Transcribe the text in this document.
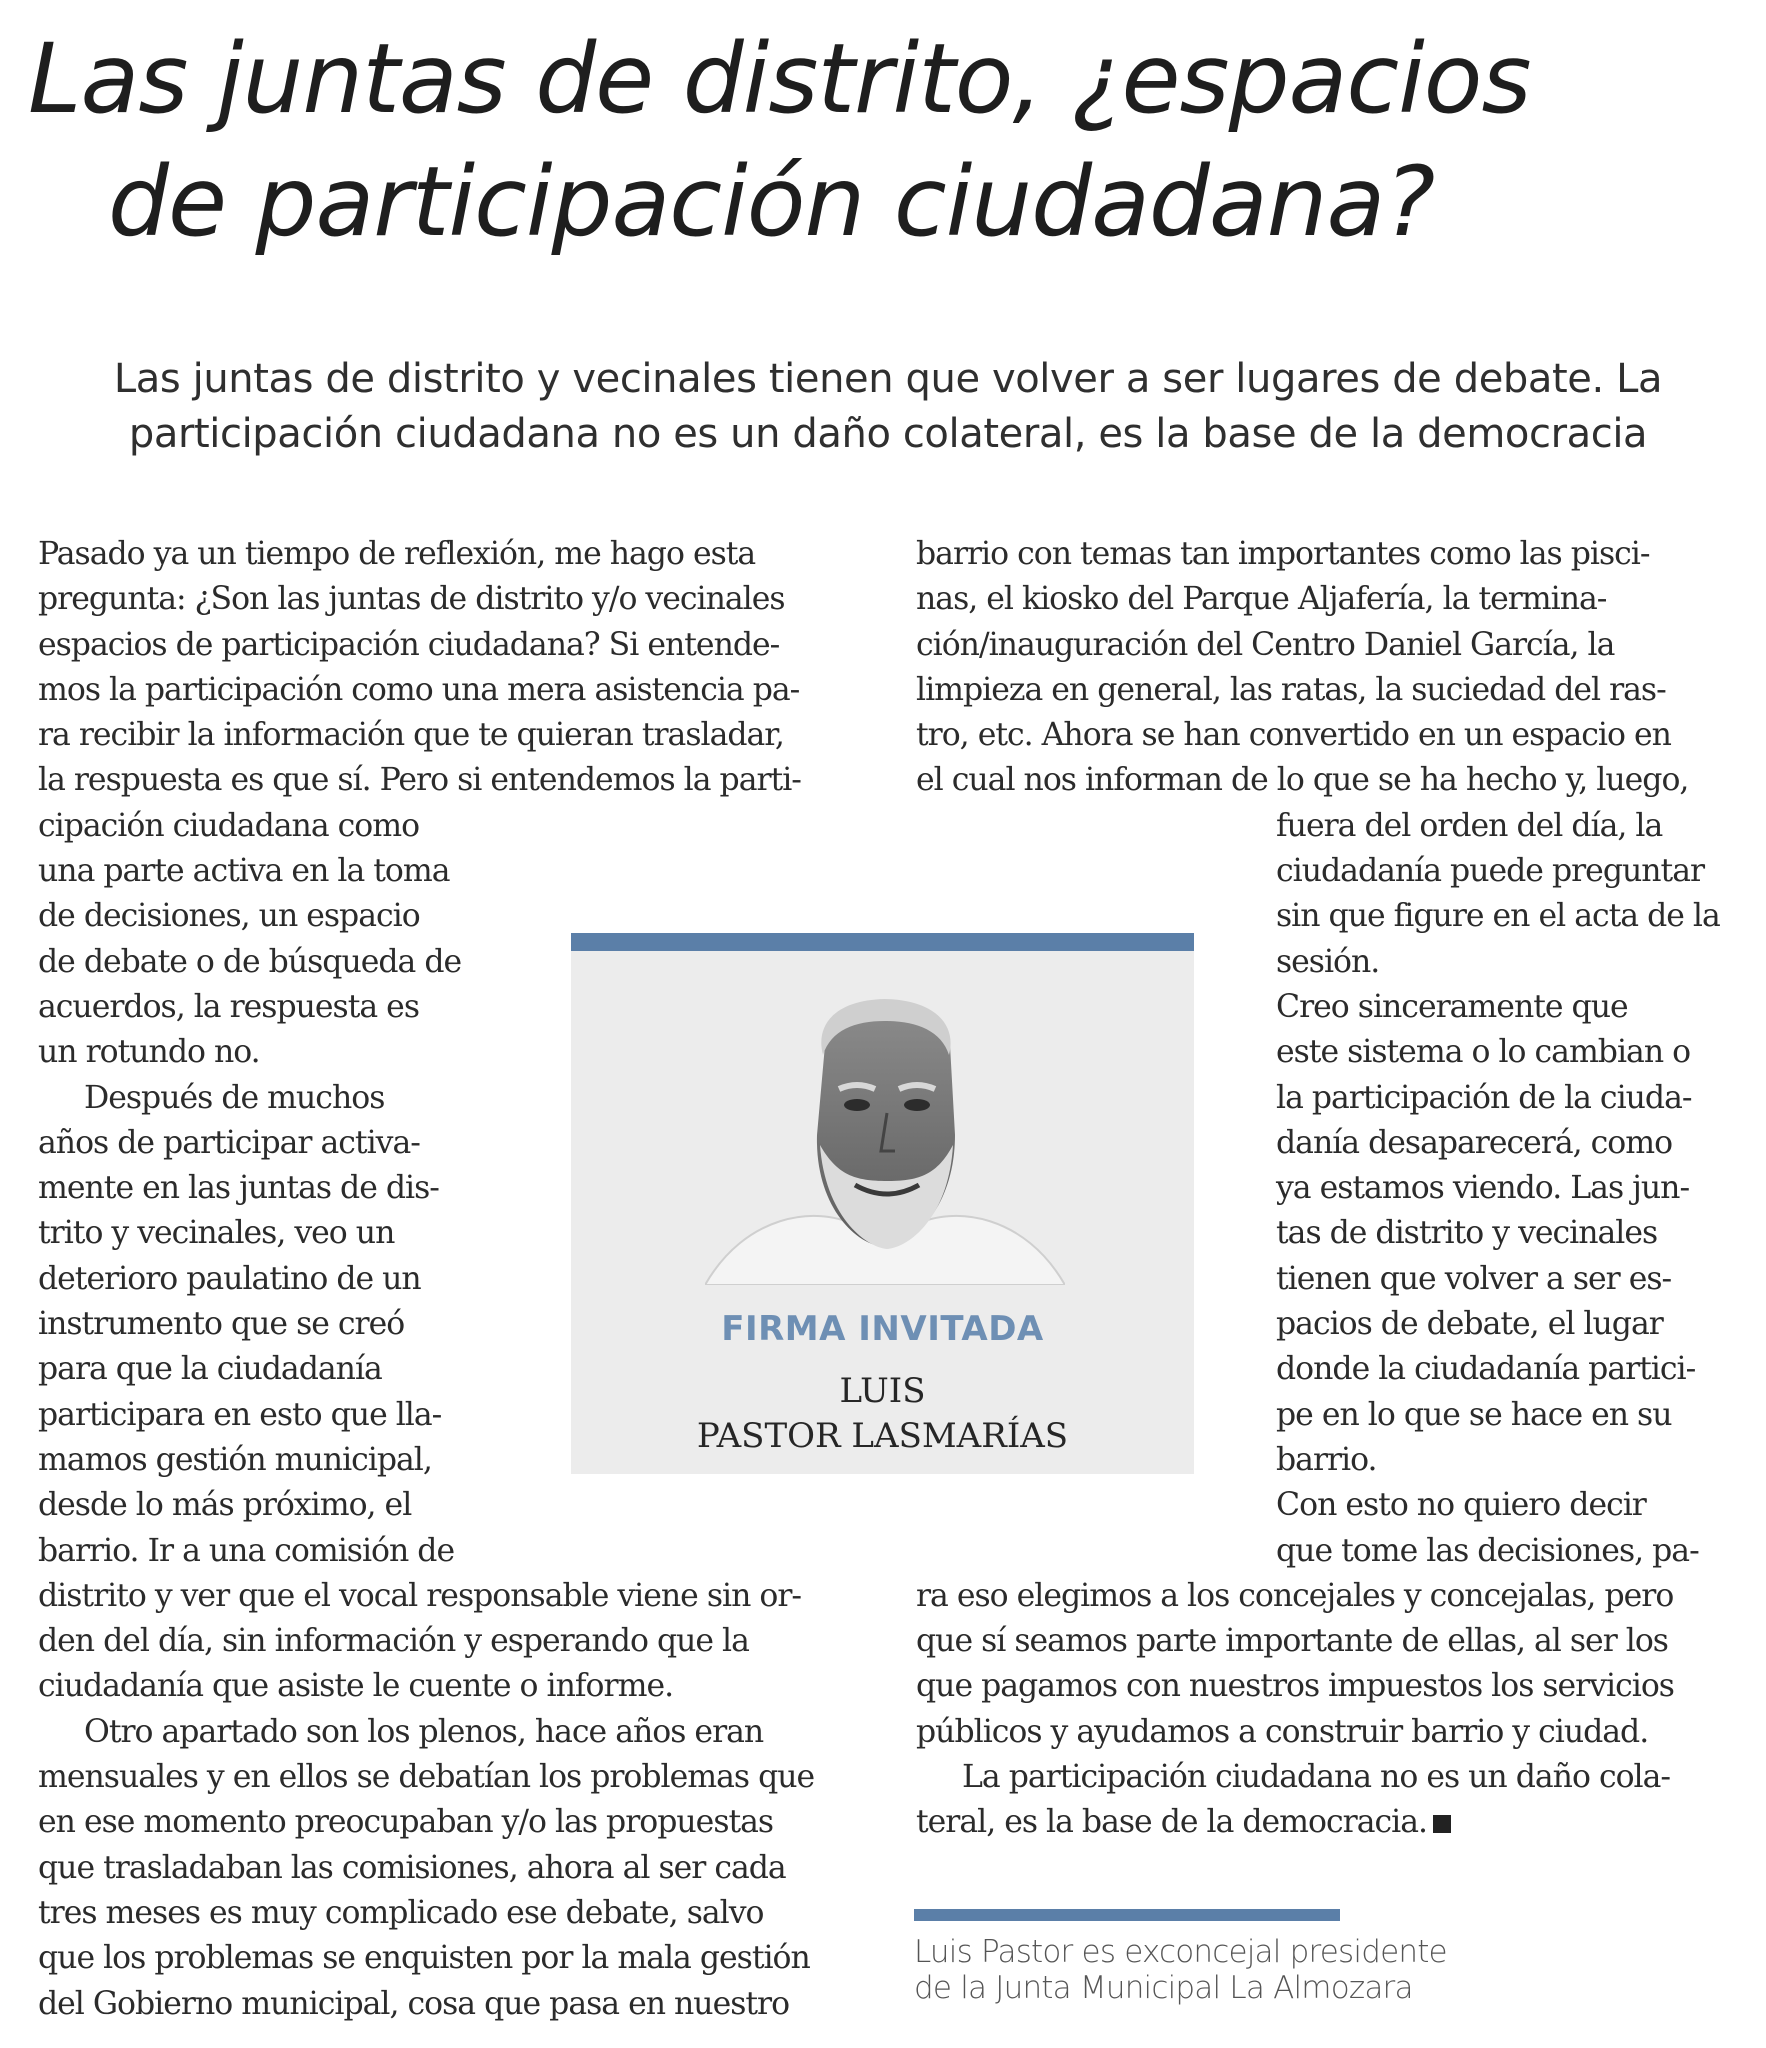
Las juntas de distrito, ¿espacios
de participación ciudadana?
Las juntas de distrito y vecinales tienen que volver a ser lugares de debate. La
participación ciudadana no es un daño colateral, es la base de la democracia
Pasado ya un tiempo de reflexión, me hago esta
pregunta: ¿Son las juntas de distrito y/o vecinales
espacios de participación ciudadana? Si entende-
mos la participación como una mera asistencia pa-
ra recibir la información que te quieran trasladar,
la respuesta es que sí. Pero si entendemos la parti-
cipación ciudadana como
una parte activa en la toma
de decisiones, un espacio
de debate o de búsqueda de
acuerdos, la respuesta es
un rotundo no.
Después de muchos
años de participar activa-
mente en las juntas de dis-
trito y vecinales, veo un
deterioro paulatino de un
instrumento que se creó
para que la ciudadanía
participara en esto que lla-
mamos gestión municipal,
desde lo más próximo, el
barrio. Ir a una comisión de
distrito y ver que el vocal responsable viene sin or-
den del día, sin información y esperando que la
ciudadanía que asiste le cuente o informe.
Otro apartado son los plenos, hace años eran
mensuales y en ellos se debatían los problemas que
en ese momento preocupaban y/o las propuestas
que trasladaban las comisiones, ahora al ser cada
tres meses es muy complicado ese debate, salvo
que los problemas se enquisten por la mala gestión
del Gobierno municipal, cosa que pasa en nuestro
barrio con temas tan importantes como las pisci-
nas, el kiosko del Parque Aljafería, la termina-
ción/inauguración del Centro Daniel García, la
limpieza en general, las ratas, la suciedad del ras-
tro, etc. Ahora se han convertido en un espacio en
el cual nos informan de lo que se ha hecho y, luego,
fuera del orden del día, la
ciudadanía puede preguntar
sin que figure en el acta de la
sesión.
Creo sinceramente que
este sistema o lo cambian o
la participación de la ciuda-
danía desaparecerá, como
ya estamos viendo. Las jun-
tas de distrito y vecinales
tienen que volver a ser es-
pacios de debate, el lugar
donde la ciudadanía partici-
pe en lo que se hace en su
barrio.
Con esto no quiero decir
que tome las decisiones, pa-
ra eso elegimos a los concejales y concejalas, pero
que sí seamos parte importante de ellas, al ser los
que pagamos con nuestros impuestos los servicios
públicos y ayudamos a construir barrio y ciudad.
La participación ciudadana no es un daño cola-
teral, es la base de la democracia.
FIRMA INVITADA
LUIS
PASTOR LASMARÍAS
Luis Pastor es exconcejal presidente
de la Junta Municipal La Almozara
